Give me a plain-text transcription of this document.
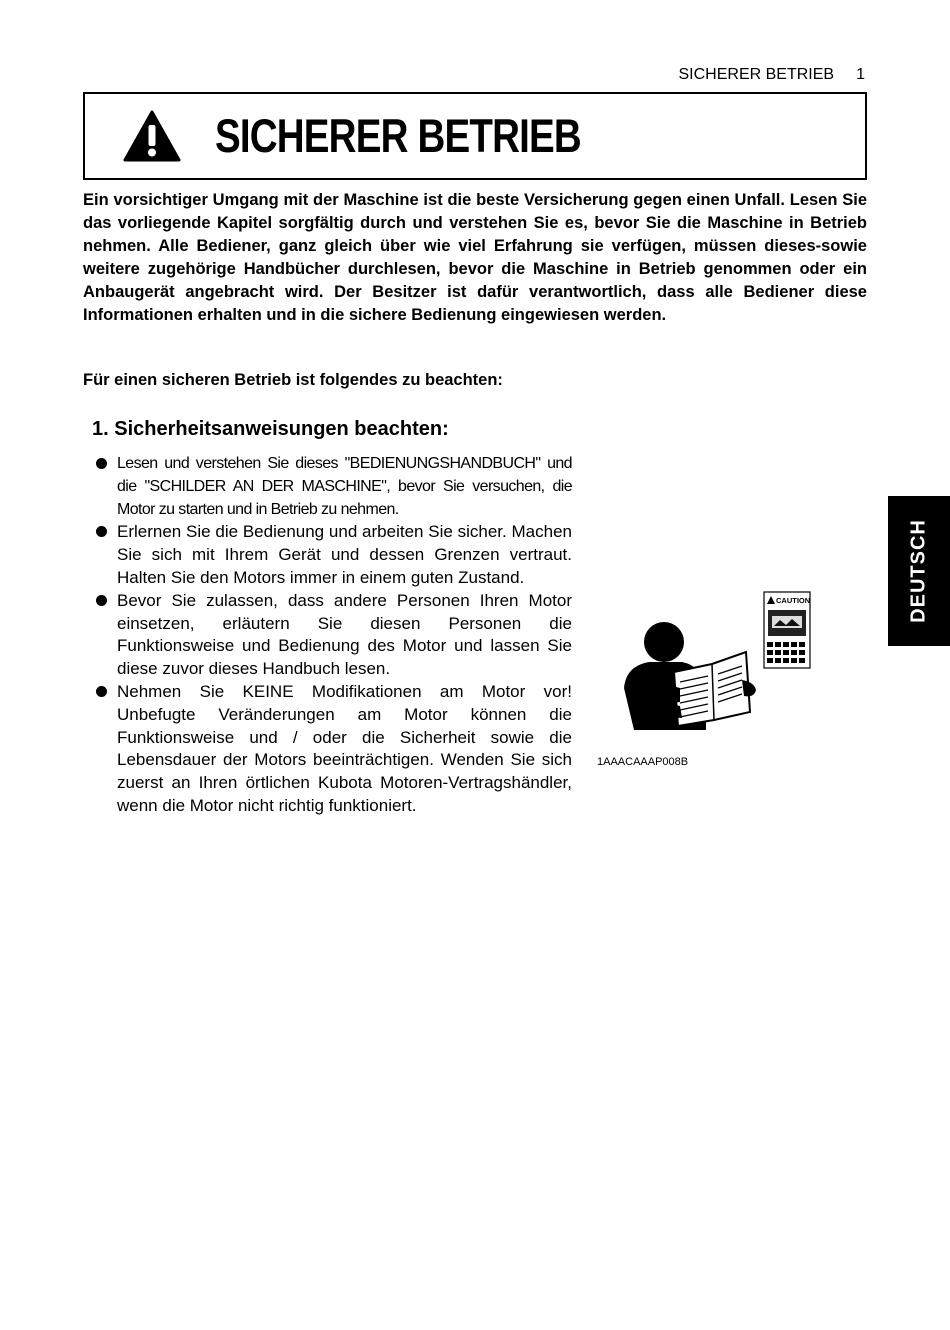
SICHERER BETRIEB 1
SICHERER BETRIEB

Ein vorsichtiger Umgang mit der Maschine ist die beste Versicherung gegen einen Unfall. Lesen Sie das vorliegende Kapitel sorgfältig durch und verstehen Sie es, bevor Sie die Maschine in Betrieb nehmen. Alle Bediener, ganz gleich über wie viel Erfahrung sie verfügen, müssen dieses-sowie weitere zugehörige Handbücher durchlesen, bevor die Maschine in Betrieb genommen oder ein Anbaugerät angebracht wird. Der Besitzer ist dafür verantwortlich, dass alle Bediener diese Informationen erhalten und in die sichere Bedienung eingewiesen werden.

Für einen sicheren Betrieb ist folgendes zu beachten:

1. Sicherheitsanweisungen beachten:
Lesen und verstehen Sie dieses "BEDIENUNGSHANDBUCH" und die "SCHILDER AN DER MASCHINE", bevor Sie versuchen, die Motor zu starten und in Betrieb zu nehmen.
Erlernen Sie die Bedienung und arbeiten Sie sicher. Machen Sie sich mit Ihrem Gerät und dessen Grenzen vertraut. Halten Sie den Motors immer in einem guten Zustand.
Bevor Sie zulassen, dass andere Personen Ihren Motor einsetzen, erläutern Sie diesen Personen die Funktionsweise und Bedienung des Motor und lassen Sie diese zuvor dieses Handbuch lesen.
Nehmen Sie KEINE Modifikationen am Motor vor! Unbefugte Veränderungen am Motor können die Funktionsweise und / oder die Sicherheit sowie die Lebensdauer der Motors beeinträchtigen. Wenden Sie sich zuerst an Ihren örtlichen Kubota Motoren-Vertragshändler, wenn die Motor nicht richtig funktioniert.
CAUTION
1AAACAAAP008B
DEUTSCH
